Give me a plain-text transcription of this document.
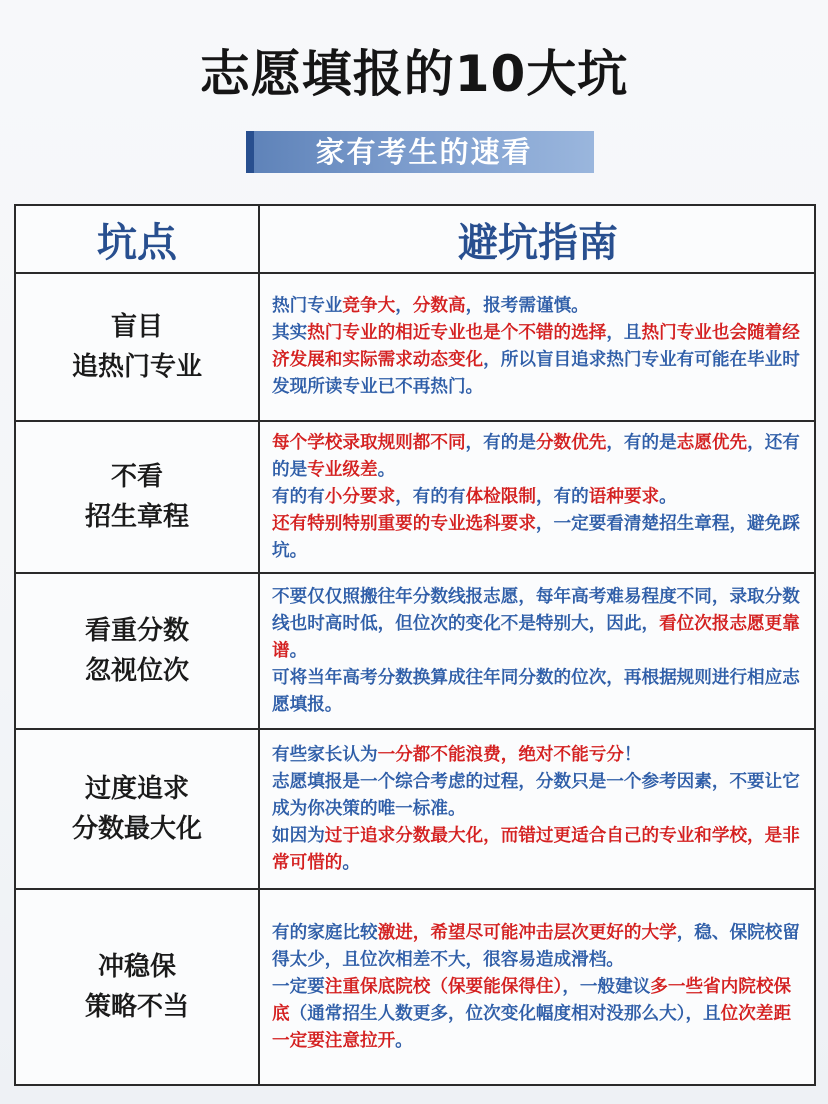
志愿填报的10大坑
家有考生的速看
坑点	避坑指南
盲目
追热门专业
热门专业竞争大，分数高，报考需谨慎。
其实热门专业的相近专业也是个不错的选择，且热门专业也会随着经济发展和实际需求动态变化，所以盲目追求热门专业有可能在毕业时发现所读专业已不再热门。
不看
招生章程
每个学校录取规则都不同，有的是分数优先，有的是志愿优先，还有的是专业级差。
有的有小分要求，有的有体检限制，有的语种要求。
还有特别特别重要的专业选科要求，一定要看清楚招生章程，避免踩坑。
看重分数
忽视位次
不要仅仅照搬往年分数线报志愿，每年高考难易程度不同，录取分数线也时高时低，但位次的变化不是特别大，因此，看位次报志愿更靠谱。
可将当年高考分数换算成往年同分数的位次，再根据规则进行相应志愿填报。
过度追求
分数最大化
有些家长认为一分都不能浪费，绝对不能亏分！
志愿填报是一个综合考虑的过程，分数只是一个参考因素，不要让它成为你决策的唯一标准。
如因为过于追求分数最大化，而错过更适合自己的专业和学校，是非常可惜的。
冲稳保
策略不当
有的家庭比较激进，希望尽可能冲击层次更好的大学，稳、保院校留得太少，且位次相差不大，很容易造成滑档。
一定要注重保底院校（保要能保得住），一般建议多一些省内院校保底（通常招生人数更多，位次变化幅度相对没那么大），且位次差距一定要注意拉开。
